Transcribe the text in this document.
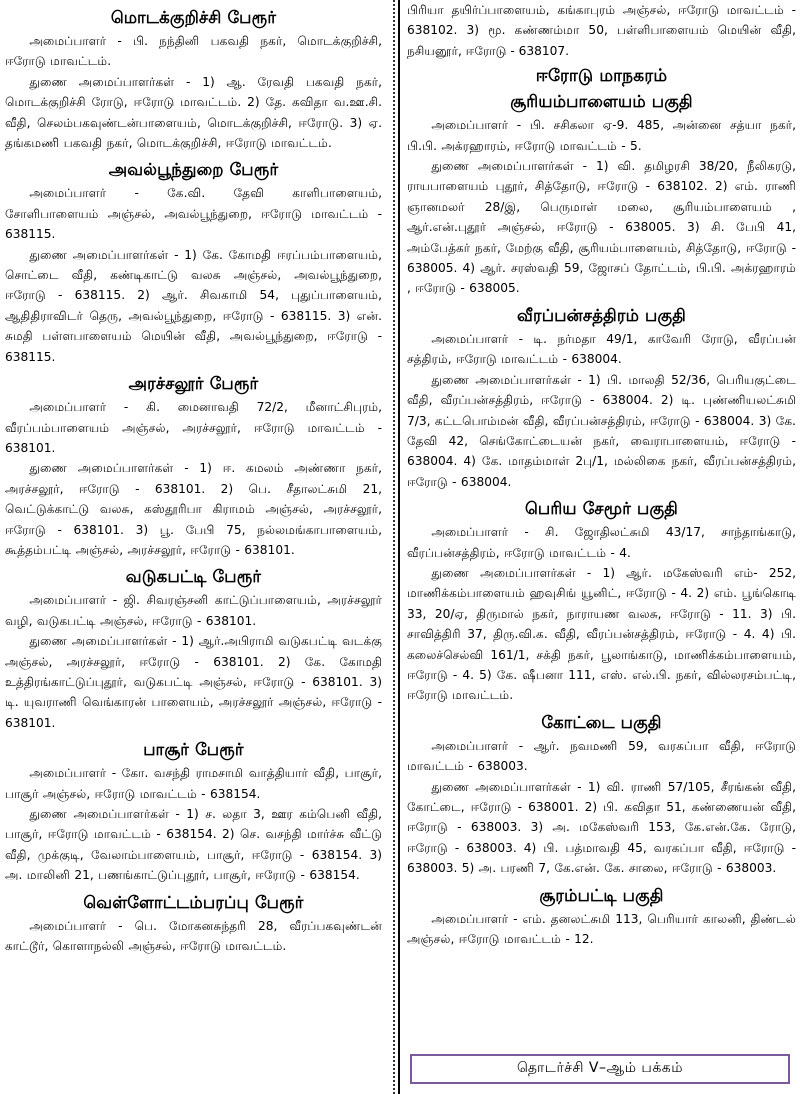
மொடக்குறிச்சி பேரூர்

அமைப்பாளர் - பி. நந்தினி பகவதி நகர், மொடக்குறிச்சி, ஈரோடு மாவட்டம்.

துணை அமைப்பாளர்கள் - 1) ஆ. ரேவதி பகவதி நகர், மொடக்குறிச்சி ரோடு, ஈரோடு மாவட்டம். 2) தே. கவிதா வ.ஊ.சி. வீதி, செலம்பகவுண்டன்பாளையம், மொடக்குறிச்சி, ஈரோடு. 3) ஏ. தங்கமணி பகவதி நகர், மொடக்குறிச்சி, ஈரோடு மாவட்டம்.

அவல்பூந்துறை பேரூர்

அமைப்பாளர் - கே.வி. தேவி காளிபாளையம், சோளிபாளையம் அஞ்சல், அவல்பூந்துறை, ஈரோடு மாவட்டம் - 638115.

துணை அமைப்பாளர்கள் - 1) கே. கோமதி ஈரப்பம்பாளையம், சொட்டை வீதி, கண்டிகாட்டு வலசு அஞ்சல், அவல்பூந்துறை, ஈரோடு - 638115. 2) ஆர். சிவகாமி 54, புதுப்பாளையம், ஆதிதிராவிடர் தெரு, அவல்பூந்துறை, ஈரோடு - 638115. 3) என். சுமதி பள்ளபாளையம் மெயின் வீதி, அவல்பூந்துறை, ஈரோடு - 638115.

அரச்சலூர் பேரூர்

அமைப்பாளர் - கி. மைனாவதி 72/2, மீனாட்சிபுரம், வீரப்பம்பாளையம் அஞ்சல், அரச்சலூர், ஈரோடு மாவட்டம் - 638101.

துணை அமைப்பாளர்கள் - 1) ஈ. கமலம் அண்ணா நகர், அரச்சலூர், ஈரோடு - 638101. 2) பெ. சீதாலட்சுமி 21, வெட்டுக்காட்டு வலசு, கஸ்தூரிபா கிராமம் அஞ்சல், அரச்சலூர், ஈரோடு - 638101. 3) பூ. பேபி 75, நல்லமங்காபாளையம், கூத்தம்பட்டி அஞ்சல், அரச்சலூர், ஈரோடு - 638101.

வடுகபட்டி பேரூர்

அமைப்பாளர் - ஜி. சிவரஞ்சனி காட்டுப்பாளையம், அரச்சலூர் வழி, வடுகபட்டி அஞ்சல், ஈரோடு - 638101.

துணை அமைப்பாளர்கள் - 1) ஆர்.அபிராமி வடுகபட்டி வடக்கு அஞ்சல், அரச்சலூர், ஈரோடு - 638101. 2) கே. கோமதி உத்திரங்காட்டுப்புதூர், வடுகபட்டி அஞ்சல், ஈரோடு - 638101. 3) டி. யுவராணி வெங்காரன் பாளையம், அரச்சலூர் அஞ்சல், ஈரோடு - 638101.

பாசூர் பேரூர்

அமைப்பாளர் - கோ. வசந்தி ராமசாமி வாத்தியார் வீதி, பாசூர், பாசூர் அஞ்சல், ஈரோடு மாவட்டம் - 638154.

துணை அமைப்பாளர்கள் - 1) ச. லதா 3, ஊர கம்பெனி வீதி, பாசூர், ஈரோடு மாவட்டம் - 638154. 2) செ. வசந்தி மார்ச்சு வீட்டு வீதி, முக்குடி, வேலாம்பாளையம், பாசூர், ஈரோடு - 638154. 3) அ. மாலினி 21, பணங்காட்டுப்புதூர், பாசூர், ஈரோடு - 638154.

வெள்ளோட்டம்பரப்பு பேரூர்

அமைப்பாளர் - பெ. மோகனசுந்தரி 28, வீரப்பகவுண்டன் காட்டூர், கொளாநல்லி அஞ்சல், ஈரோடு மாவட்டம்.

பிரியா தயிர்ப்பாளையம், கங்காபுரம் அஞ்சல், ஈரோடு மாவட்டம் - 638102. 3) மூ. கண்ணம்மா 50, பள்ளிபாளையம் மெயின் வீதி, நசியனூர், ஈரோடு - 638107.

ஈரோடு மாநகரம்
சூரியம்பாளையம் பகுதி

அமைப்பாளர் - பி. சசிகலா ஏ-9. 485, அன்னை சத்யா நகர், பி.பி. அக்ரஹாரம், ஈரோடு மாவட்டம் - 5.

துணை அமைப்பாளர்கள் - 1) வி. தமிழரசி 38/20, நீலிகரடு, ராயபாளையம் புதூர், சித்தோடு, ஈரோடு - 638102. 2) எம். ராணி ஞானமலர் 28/இ, பெருமாள் மலை, சூரியம்பாளையம் , ஆர்.என்.புதூர் அஞ்சல், ஈரோடு - 638005. 3) சி. பேபி 41, அம்பேத்கர் நகர், மேற்கு வீதி, சூரியம்பாளையம், சித்தோடு, ஈரோடு - 638005. 4) ஆர். சரஸ்வதி 59, ஜோசப் தோட்டம், பி.பி. அக்ரஹாரம் , ஈரோடு - 638005.

வீரப்பன்சத்திரம் பகுதி

அமைப்பாளர் - டி. நர்மதா 49/1, காவேரி ரோடு, வீரப்பன் சத்திரம், ஈரோடு மாவட்டம் - 638004.

துணை அமைப்பாளர்கள் - 1) பி. மாலதி 52/36, பெரியகுட்டை வீதி, வீரப்பன்சத்திரம், ஈரோடு - 638004. 2) டி. புண்ணியலட்சுமி 7/3, கட்டபொம்மன் வீதி, வீரப்பன்சத்திரம், ஈரோடு - 638004. 3) கே. தேவி 42, செங்கோட்டையன் நகர், வைராபாளையம், ஈரோடு - 638004. 4) கே. மாதம்மாள் 2பு/1, மல்லிகை நகர், வீரப்பன்சத்திரம், ஈரோடு - 638004.

பெரிய சேமூர் பகுதி

அமைப்பாளர் - சி. ஜோதிலட்சுமி 43/17, சாந்தாங்காடு, வீரப்பன்சத்திரம், ஈரோடு மாவட்டம் - 4.

துணை அமைப்பாளர்கள் - 1) ஆர். மகேஸ்வரி எம்- 252, மாணிக்கம்பாளையம் ஹவுசிங் யூனிட், ஈரோடு - 4. 2) எம். பூங்கொடி 33, 20/ஏ, திருமால் நகர், நாராயண வலசு, ஈரோடு - 11. 3) பி. சாவித்திரி 37, திரு.வி.க. வீதி, வீரப்பன்சத்திரம், ஈரோடு - 4. 4) பி. கலைச்செல்வி 161/1, சக்தி நகர், பூலாங்காடு, மாணிக்கம்பாளையம், ஈரோடு - 4. 5) கே. ஷீபனா 111, எஸ். எல்.பி. நகர், வில்லரசம்பட்டி, ஈரோடு மாவட்டம்.

கோட்டை பகுதி

அமைப்பாளர் - ஆர். நவமணி 59, வரகப்பா வீதி, ஈரோடு மாவட்டம் - 638003.

துணை அமைப்பாளர்கள் - 1) வி. ராணி 57/105, சீரங்கன் வீதி, கோட்டை, ஈரோடு - 638001. 2) பி. கவிதா 51, கண்ணையன் வீதி, ஈரோடு - 638003. 3) அ. மகேஸ்வரி 153, கே.என்.கே. ரோடு, ஈரோடு - 638003. 4) பி. பத்மாவதி 45, வரகப்பா வீதி, ஈரோடு - 638003. 5) அ. பரணி 7, கே.என். கே. சாலை, ஈரோடு - 638003.

சூரம்பட்டி பகுதி

அமைப்பாளர் - எம். தனலட்சுமி 113, பெரியார் காலனி, திண்டல் அஞ்சல், ஈரோடு மாவட்டம் - 12.

தொடர்ச்சி V–ஆம் பக்கம்
